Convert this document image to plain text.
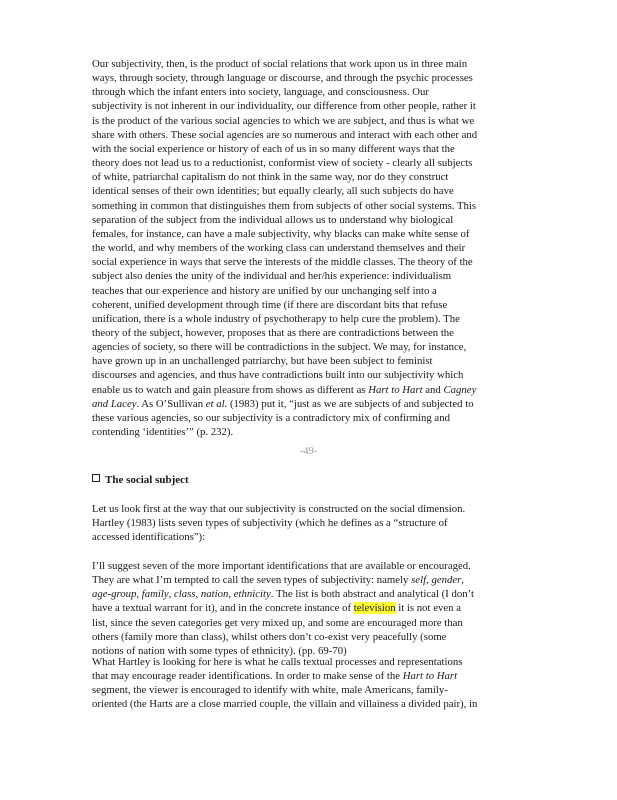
Our subjectivity, then, is the product of social relations that work upon us in three main
ways, through society, through language or discourse, and through the psychic processes
through which the infant enters into society, language, and consciousness. Our
subjectivity is not inherent in our individuality, our difference from other people, rather it
is the product of the various social agencies to which we are subject, and thus is what we
share with others. These social agencies are so numerous and interact with each other and
with the social experience or history of each of us in so many different ways that the
theory does not lead us to a reductionist, conformist view of society - clearly all subjects
of white, patriarchal capitalism do not think in the same way, nor do they construct
identical senses of their own identities; but equally clearly, all such subjects do have
something in common that distinguishes them from subjects of other social systems. This
separation of the subject from the individual allows us to understand why biological
females, for instance, can have a male subjectivity, why blacks can make white sense of
the world, and why members of the working class can understand themselves and their
social experience in ways that serve the interests of the middle classes. The theory of the
subject also denies the unity of the individual and her/his experience: individualism
teaches that our experience and history are unified by our unchanging self into a
coherent, unified development through time (if there are discordant bits that refuse
unification, there is a whole industry of psychotherapy to help cure the problem). The
theory of the subject, however, proposes that as there are contradictions between the
agencies of society, so there will be contradictions in the subject. We may, for instance,
have grown up in an unchallenged patriarchy, but have been subject to feminist
discourses and agencies, and thus have contradictions built into our subjectivity which
enable us to watch and gain pleasure from shows as different as Hart to Hart and Cagney
and Lacey. As O’Sullivan et al. (1983) put it, “just as we are subjects of and subjected to
these various agencies, so our subjectivity is a contradictory mix of confirming and
contending ‘identities’” (p. 232).
-49-
The social subject
Let us look first at the way that our subjectivity is constructed on the social dimension.
Hartley (1983) lists seven types of subjectivity (which he defines as a “structure of
accessed identifications”):
I’ll suggest seven of the more important identifications that are available or encouraged.
They are what I’m tempted to call the seven types of subjectivity: namely self, gender,
age-group, family, class, nation, ethnicity. The list is both abstract and analytical (I don’t
have a textual warrant for it), and in the concrete instance of television it is not even a
list, since the seven categories get very mixed up, and some are encouraged more than
others (family more than class), whilst others don’t co-exist very peacefully (some
notions of nation with some types of ethnicity). (pp. 69-70)
What Hartley is looking for here is what he calls textual processes and representations
that may encourage reader identifications. In order to make sense of the Hart to Hart
segment, the viewer is encouraged to identify with white, male Americans, family-
oriented (the Harts are a close married couple, the villain and villainess a divided pair), in
